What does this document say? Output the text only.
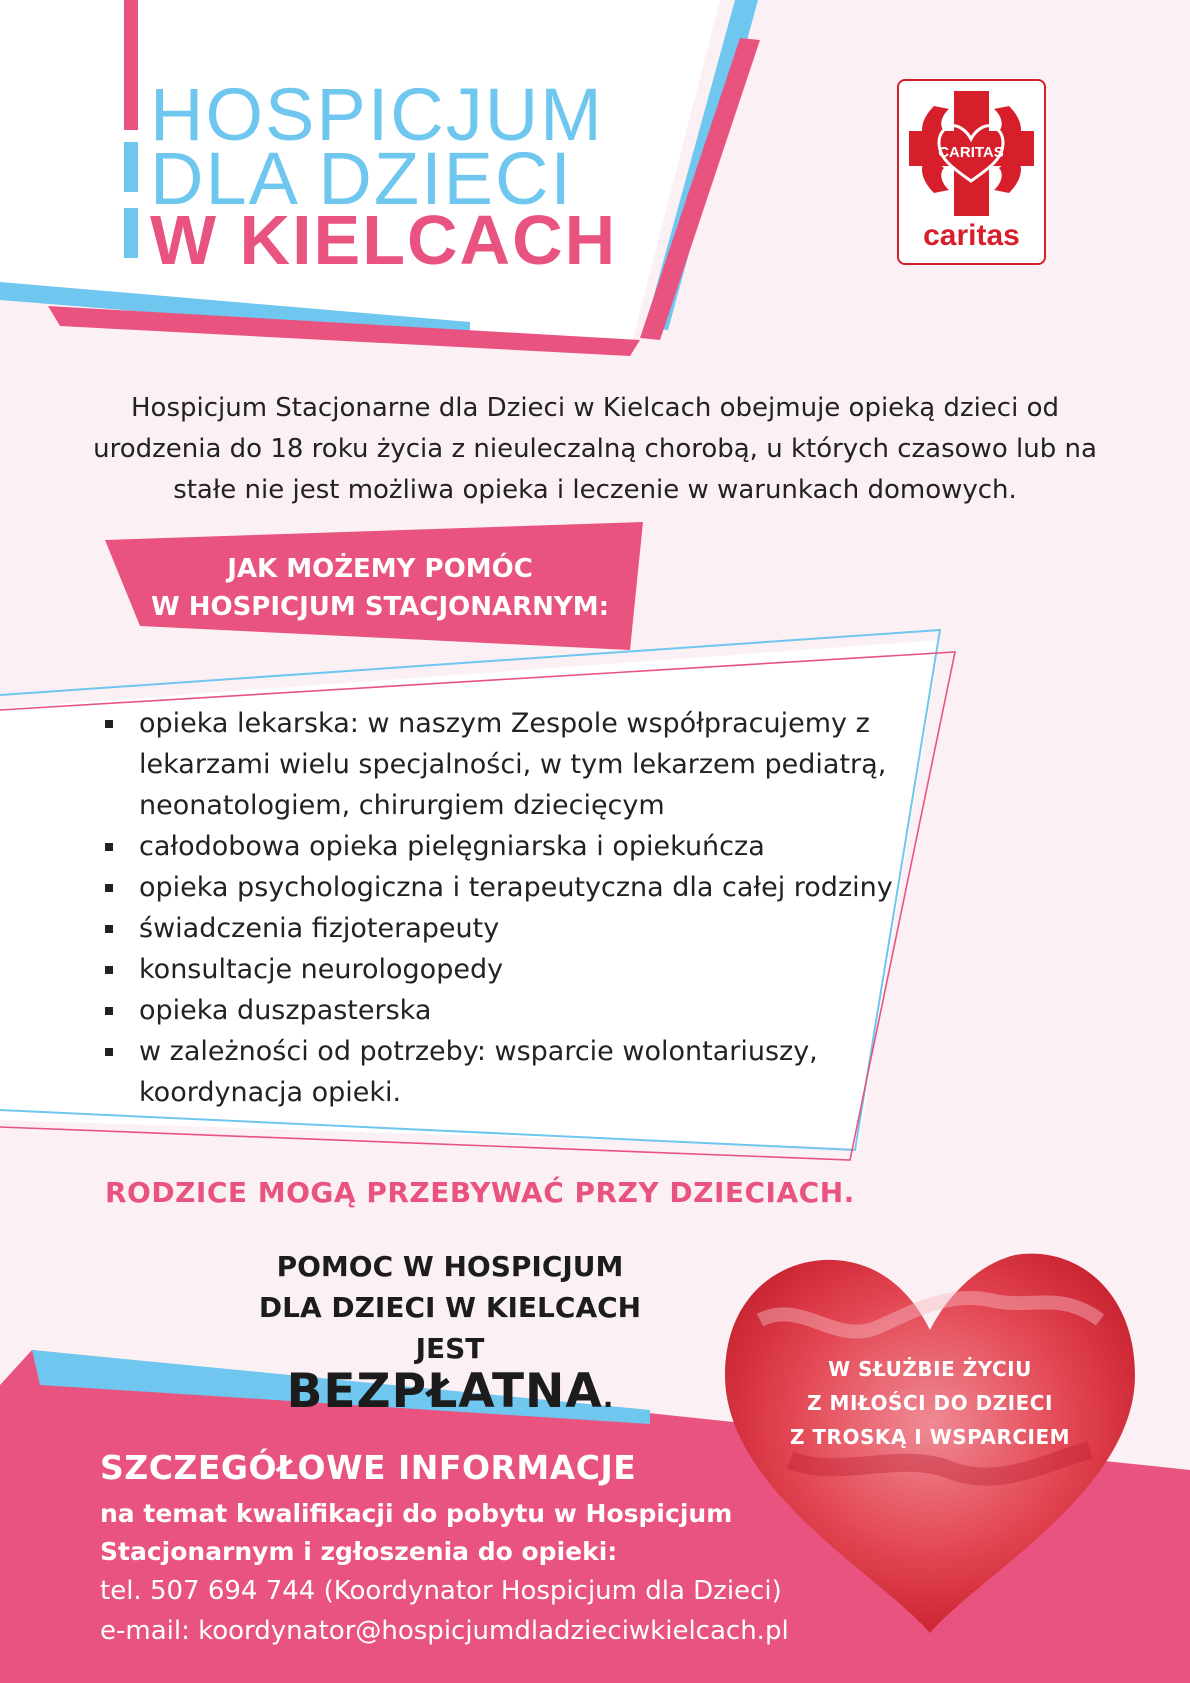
HOSPICJUM
DLA DZIECI
W KIELCACH
CARITAS
caritas
Hospicjum Stacjonarne dla Dzieci w Kielcach obejmuje opieką dzieci od urodzenia do 18 roku życia z nieuleczalną chorobą, u których czasowo lub na stałe nie jest możliwa opieka i leczenie w warunkach domowych.
JAK MOŻEMY POMÓC
W HOSPICJUM STACJONARNYM:
opieka lekarska: w naszym Zespole współpracujemy z lekarzami wielu specjalności, w tym lekarzem pediatrą, neonatologiem, chirurgiem dziecięcym
całodobowa opieka pielęgniarska i opiekuńcza
opieka psychologiczna i terapeutyczna dla całej rodziny
świadczenia fizjoterapeuty
konsultacje neurologopedy
opieka duszpasterska
w zależności od potrzeby: wsparcie wolontariuszy, koordynacja opieki.
RODZICE MOGĄ PRZEBYWAĆ PRZY DZIECIACH.
POMOC W HOSPICJUM
DLA DZIECI W KIELCACH JEST
BEZPŁATNA.
W SŁUŻBIE ŻYCIU
Z MIŁOŚCI DO DZIECI
Z TROSKĄ I WSPARCIEM
SZCZEGÓŁOWE INFORMACJE
na temat kwalifikacji do pobytu w Hospicjum
Stacjonarnym i zgłoszenia do opieki:
tel. 507 694 744 (Koordynator Hospicjum dla Dzieci)
e-mail: koordynator@hospicjumdladzieciwkielcach.pl
